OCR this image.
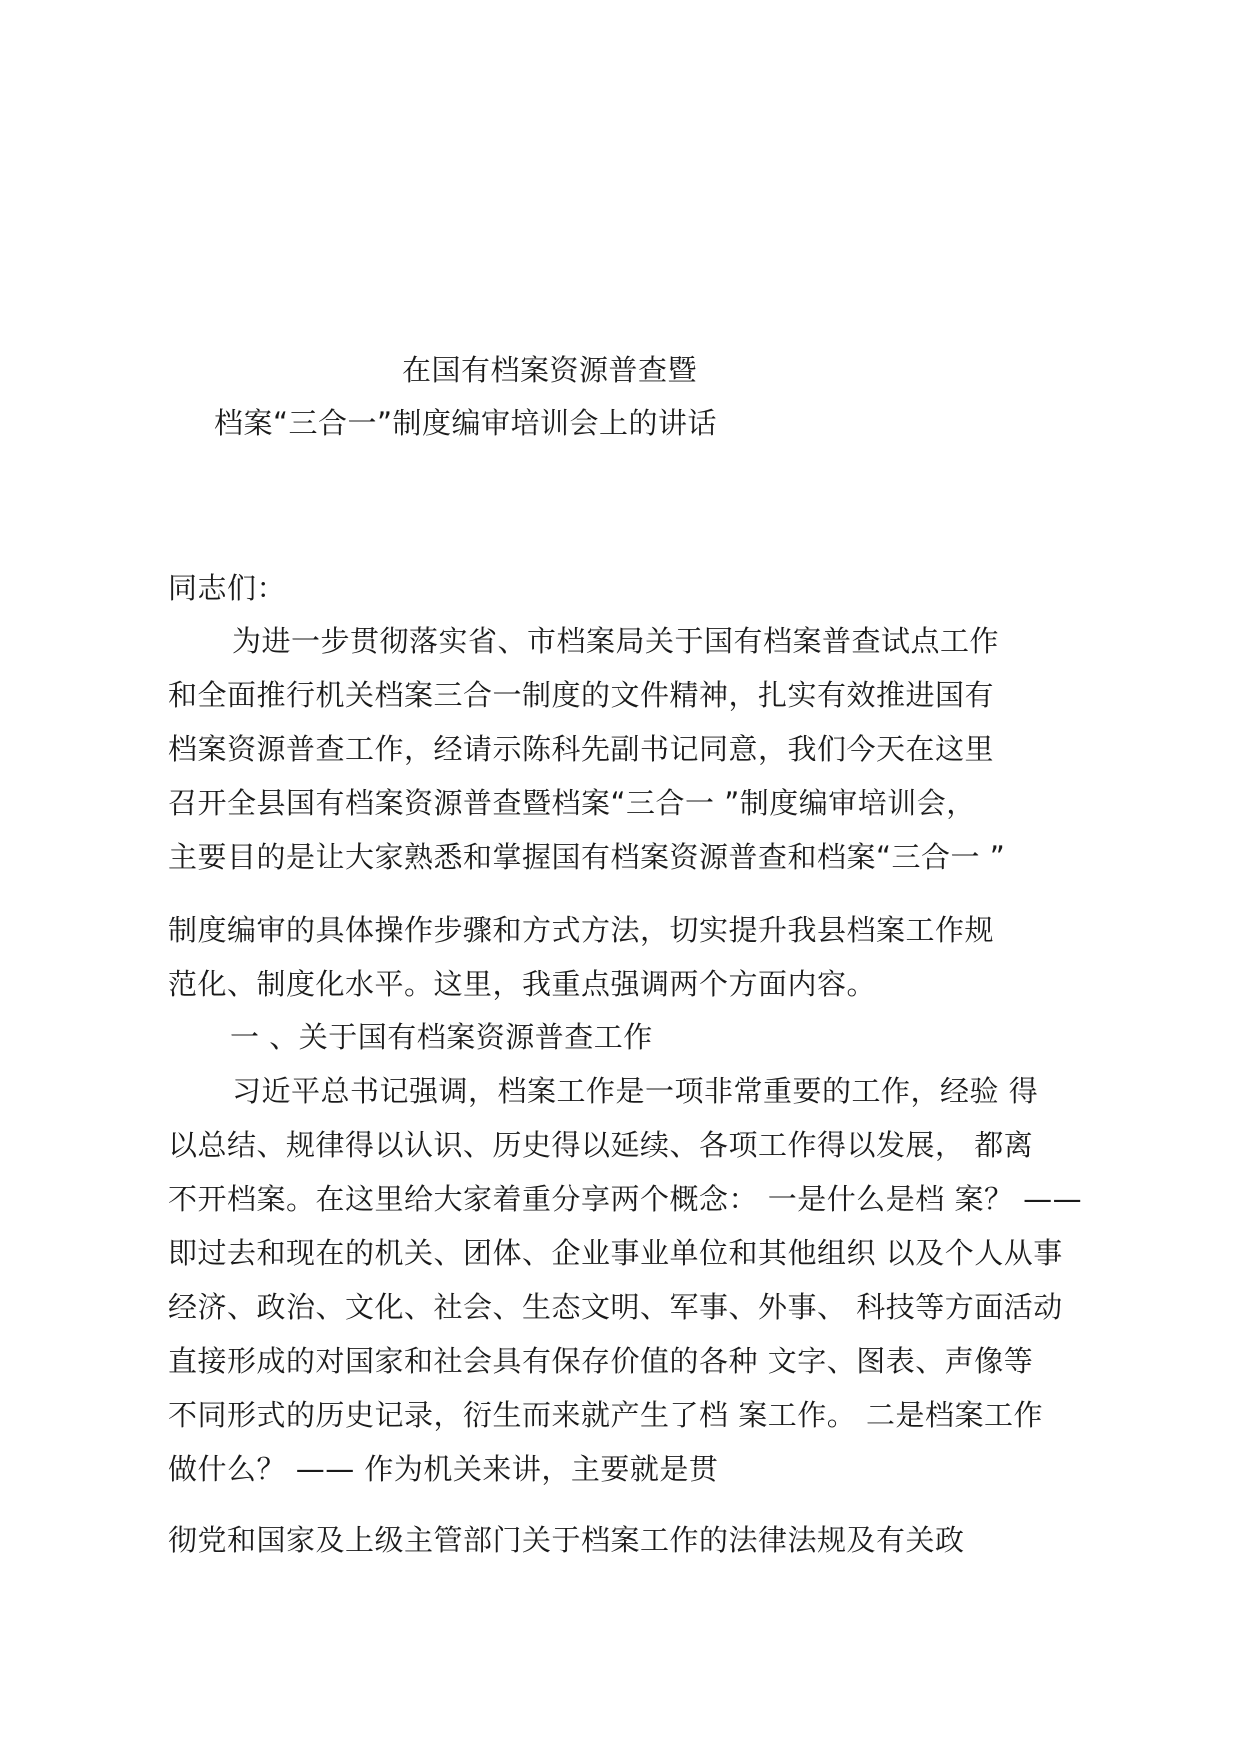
在国有档案资源普查暨
档案“三合一”制度编审培训会上的讲话
同志们：
为进一步贯彻落实省、市档案局关于国有档案普查试点工作
和全面推行机关档案三合一制度的文件精神，扎实有效推进国有
档案资源普查工作，经请示陈科先副书记同意，我们今天在这里
召开全县国有档案资源普查暨档案“三合一 ”制度编审培训会，
主要目的是让大家熟悉和掌握国有档案资源普查和档案“三合一 ”
制度编审的具体操作步骤和方式方法，切实提升我县档案工作规
范化、制度化水平。这里，我重点强调两个方面内容。
一 、关于国有档案资源普查工作
习近平总书记强调，档案工作是一项非常重要的工作，经验 得
以总结、规律得以认识、历史得以延续、各项工作得以发展， 都离
不开档案。在这里给大家着重分享两个概念： 一是什么是档 案？ ——
即过去和现在的机关、团体、企业事业单位和其他组织 以及个人从事
经济、政治、文化、社会、生态文明、军事、外事、 科技等方面活动
直接形成的对国家和社会具有保存价值的各种 文字、图表、声像等
不同形式的历史记录，衍生而来就产生了档 案工作。 二是档案工作
做什么？ —— 作为机关来讲，主要就是贯
彻党和国家及上级主管部门关于档案工作的法律法规及有关政
